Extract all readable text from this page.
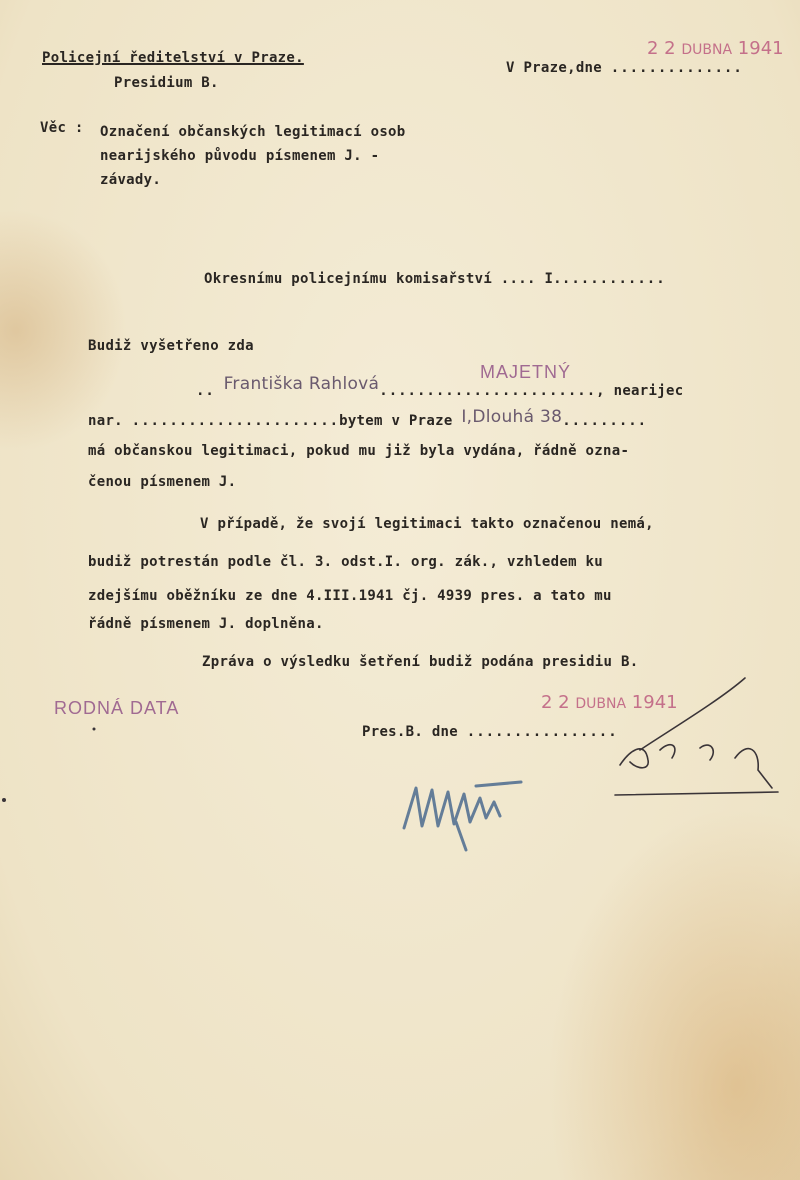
Policejní ředitelství v Praze.
Presidium B.
V Praze,dne ..............
2 2 DUBNA 1941
Věc : Označení občanských legitimací osob
nearijského původu písmenem J. -
závady.
Okresnímu policejnímu komisařství .... I............
Budiž vyšetřeno zda
.. Františka Rahlová......................., nearijec
MAJETNÝ
nar. ......................bytem v Praze I,Dlouhá 38.........
má občanskou legitimaci, pokud mu již byla vydána, řádně ozna-
čenou písmenem J.
V případě, že svojí legitimaci takto označenou nemá,
budiž potrestán podle čl. 3. odst.I. org. zák., vzhledem ku
zdejšímu oběžníku ze dne 4.III.1941 čj. 4939 pres. a tato mu
řádně písmenem J. doplněna.
Zpráva o výsledku šetření budiž podána presidiu B.
RODNÁ DATA	2 2 DUBNA 1941
Pres.B. dne ................
